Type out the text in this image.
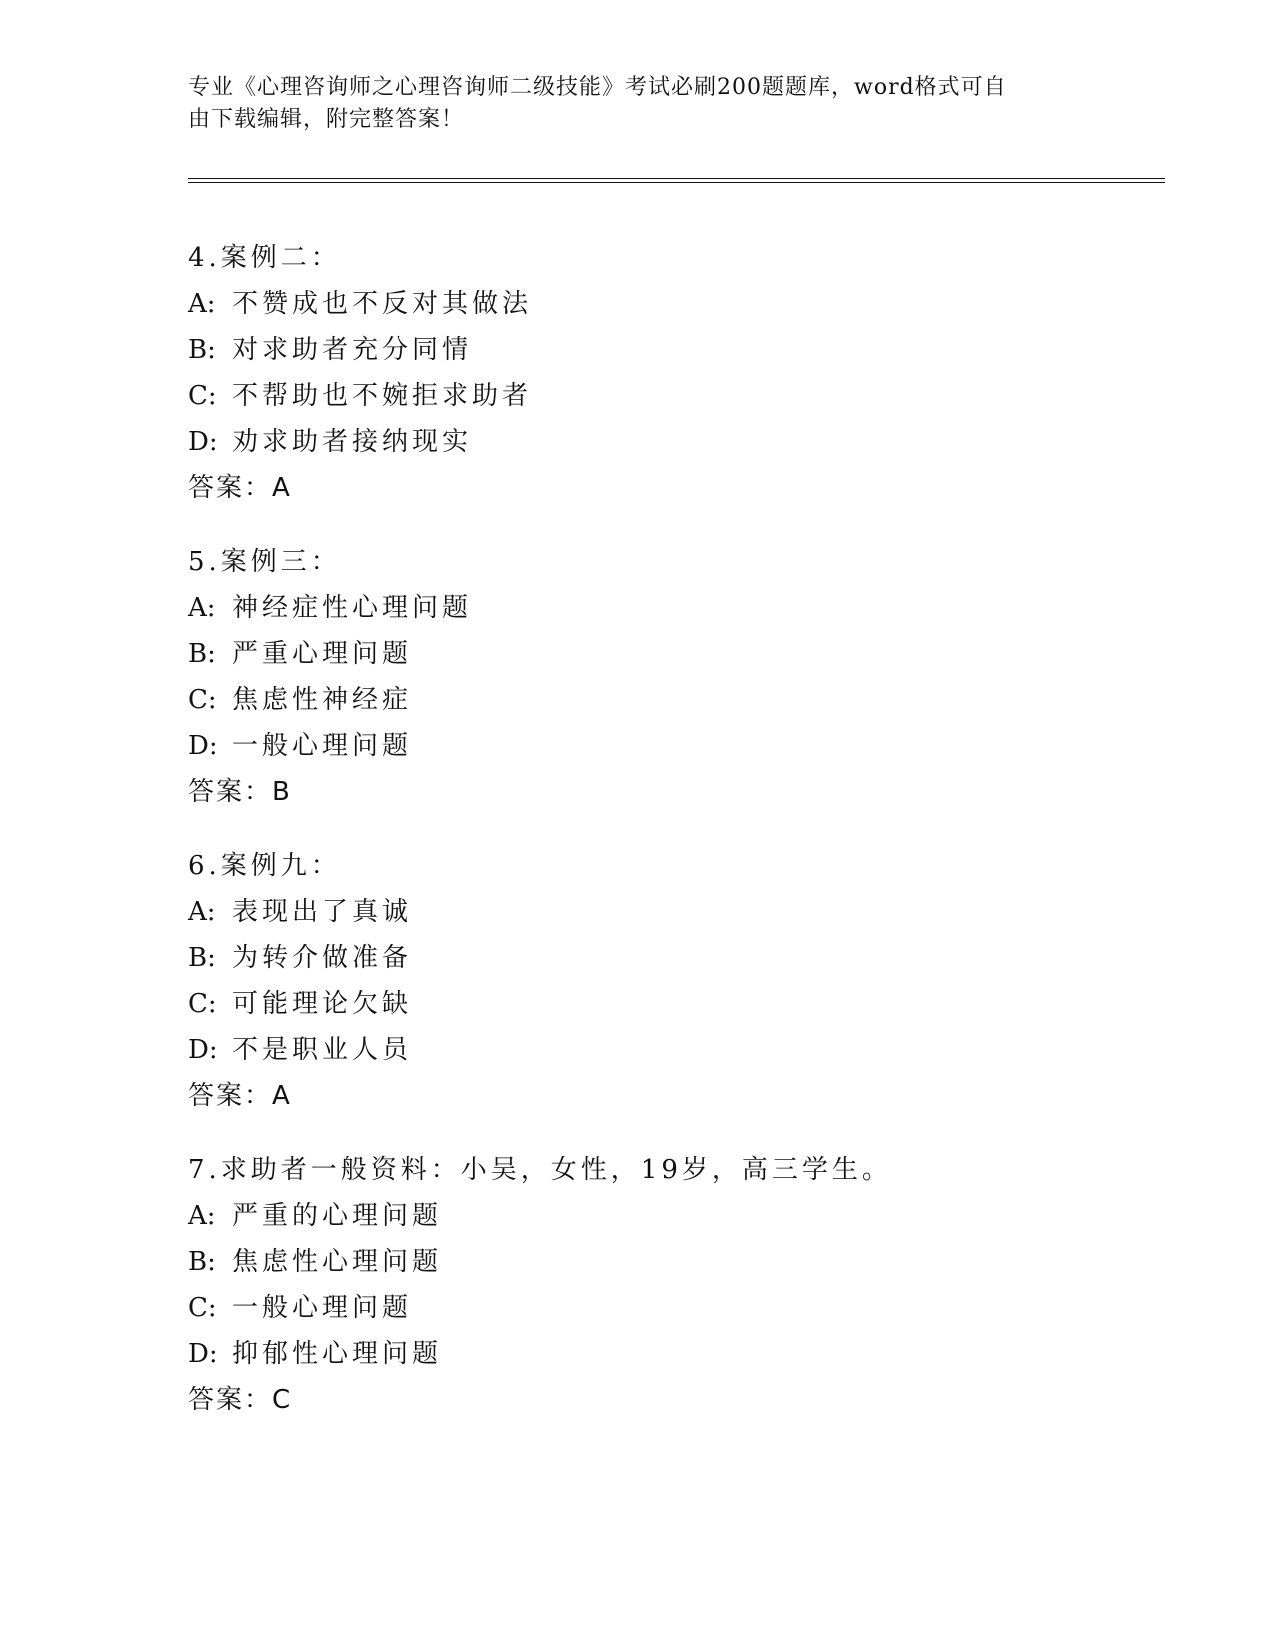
专业《心理咨询师之心理咨询师二级技能》考试必刷200题题库，word格式可自
由下载编辑，附完整答案！
4.案例二：
A: 不赞成也不反对其做法
B: 对求助者充分同情
C: 不帮助也不婉拒求助者
D: 劝求助者接纳现实
答案：A
5.案例三：
A: 神经症性心理问题
B: 严重心理问题
C: 焦虑性神经症
D: 一般心理问题
答案：B
6.案例九：
A: 表现出了真诚
B: 为转介做准备
C: 可能理论欠缺
D: 不是职业人员
答案：A
7.求助者一般资料：小吴，女性，19岁，高三学生。
A: 严重的心理问题
B: 焦虑性心理问题
C: 一般心理问题
D: 抑郁性心理问题
答案：C
